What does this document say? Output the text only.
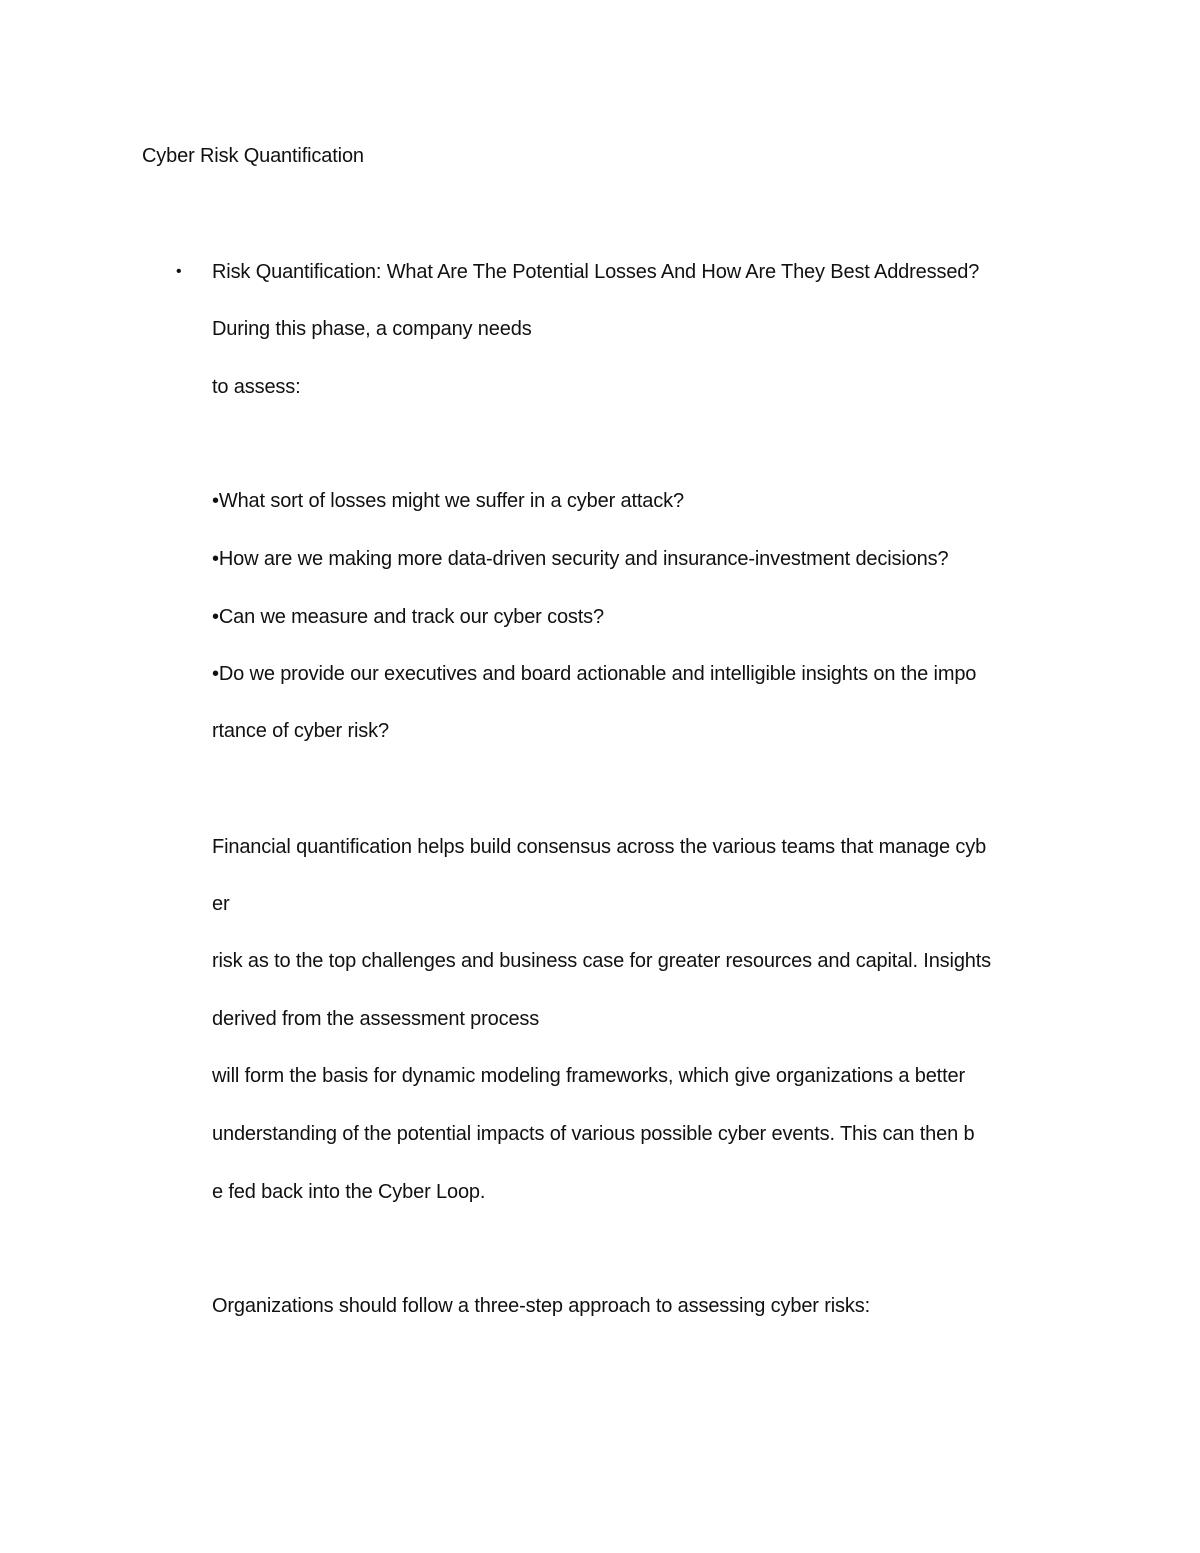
Cyber Risk Quantification
• Risk Quantification: What Are The Potential Losses And How Are They Best Addressed?
During this phase, a company needs
to assess:
•What sort of losses might we suffer in a cyber attack?
•How are we making more data-driven security and insurance-investment decisions?
•Can we measure and track our cyber costs?
•Do we provide our executives and board actionable and intelligible insights on the impo
rtance of cyber risk?
Financial quantification helps build consensus across the various teams that manage cyb
er
risk as to the top challenges and business case for greater resources and capital. Insights
derived from the assessment process
will form the basis for dynamic modeling frameworks, which give organizations a better
understanding of the potential impacts of various possible cyber events. This can then b
e fed back into the Cyber Loop.
Organizations should follow a three-step approach to assessing cyber risks:
